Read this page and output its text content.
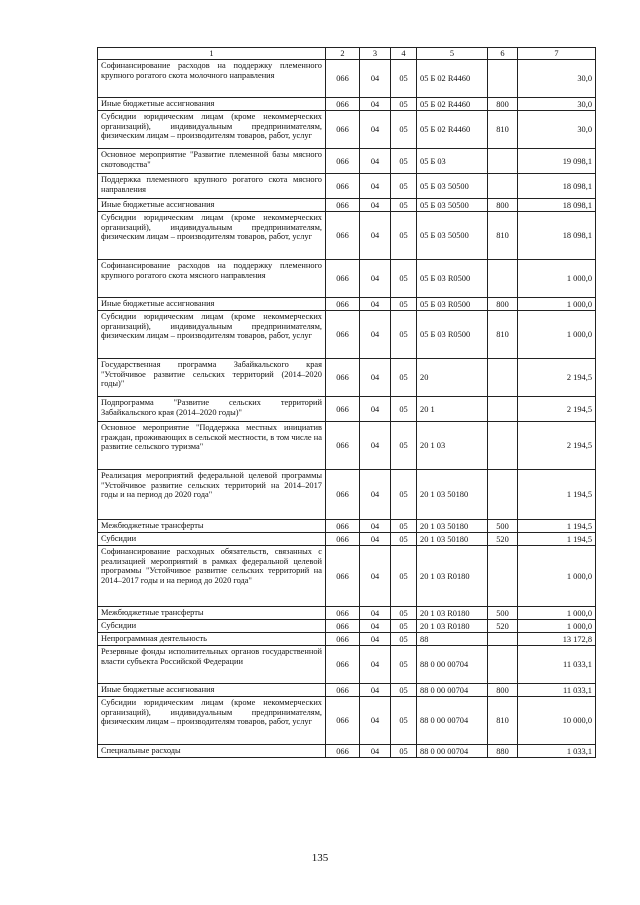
1	2	3	4	5	6	7
Софинансирование расходов на поддержку племенного крупного рогатого скота молочного направления	066	04	05	05 Б 02 R4460		30,0
Иные бюджетные ассигнования	066	04	05	05 Б 02 R4460	800	30,0
Субсидии юридическим лицам (кроме некоммерческих организаций), индивидуальным предпринимателям, физическим лицам – производителям товаров, работ, услуг	066	04	05	05 Б 02 R4460	810	30,0
Основное мероприятие "Развитие племенной базы мясного скотоводства"	066	04	05	05 Б 03		19 098,1
Поддержка племенного крупного рогатого скота мясного направления	066	04	05	05 Б 03 50500		18 098,1
Иные бюджетные ассигнования	066	04	05	05 Б 03 50500	800	18 098,1
Субсидии юридическим лицам (кроме некоммерческих организаций), индивидуальным предпринимателям, физическим лицам – производителям товаров, работ, услуг	066	04	05	05 Б 03 50500	810	18 098,1
Софинансирование расходов на поддержку племенного крупного рогатого скота мясного направления	066	04	05	05 Б 03 R0500		1 000,0
Иные бюджетные ассигнования	066	04	05	05 Б 03 R0500	800	1 000,0
Субсидии юридическим лицам (кроме некоммерческих организаций), индивидуальным предпринимателям, физическим лицам – производителям товаров, работ, услуг	066	04	05	05 Б 03 R0500	810	1 000,0
Государственная программа Забайкальского края "Устойчивое развитие сельских территорий (2014–2020 годы)"	066	04	05	20		2 194,5
Подпрограмма "Развитие сельских территорий Забайкальского края (2014–2020 годы)"	066	04	05	20 1		2 194,5
Основное мероприятие "Поддержка местных инициатив граждан, проживающих в сельской местности, в том числе на развитие сельского туризма"	066	04	05	20 1 03		2 194,5
Реализация мероприятий федеральной целевой программы "Устойчивое развитие сельских территорий на 2014–2017 годы и на период до 2020 года"	066	04	05	20 1 03 50180		1 194,5
Межбюджетные трансферты	066	04	05	20 1 03 50180	500	1 194,5
Субсидии	066	04	05	20 1 03 50180	520	1 194,5
Софинансирование расходных обязательств, связанных с реализацией мероприятий в рамках федеральной целевой программы "Устойчивое развитие сельских территорий на 2014–2017 годы и на период до 2020 года"	066	04	05	20 1 03 R0180		1 000,0
Межбюджетные трансферты	066	04	05	20 1 03 R0180	500	1 000,0
Субсидии	066	04	05	20 1 03 R0180	520	1 000,0
Непрограммная деятельность	066	04	05	88		13 172,8
Резервные фонды исполнительных органов государственной власти субъекта Российской Федерации	066	04	05	88 0 00 00704		11 033,1
Иные бюджетные ассигнования	066	04	05	88 0 00 00704	800	11 033,1
Субсидии юридическим лицам (кроме некоммерческих организаций), индивидуальным предпринимателям, физическим лицам – производителям товаров, работ, услуг	066	04	05	88 0 00 00704	810	10 000,0
Специальные расходы	066	04	05	88 0 00 00704	880	1 033,1
135
